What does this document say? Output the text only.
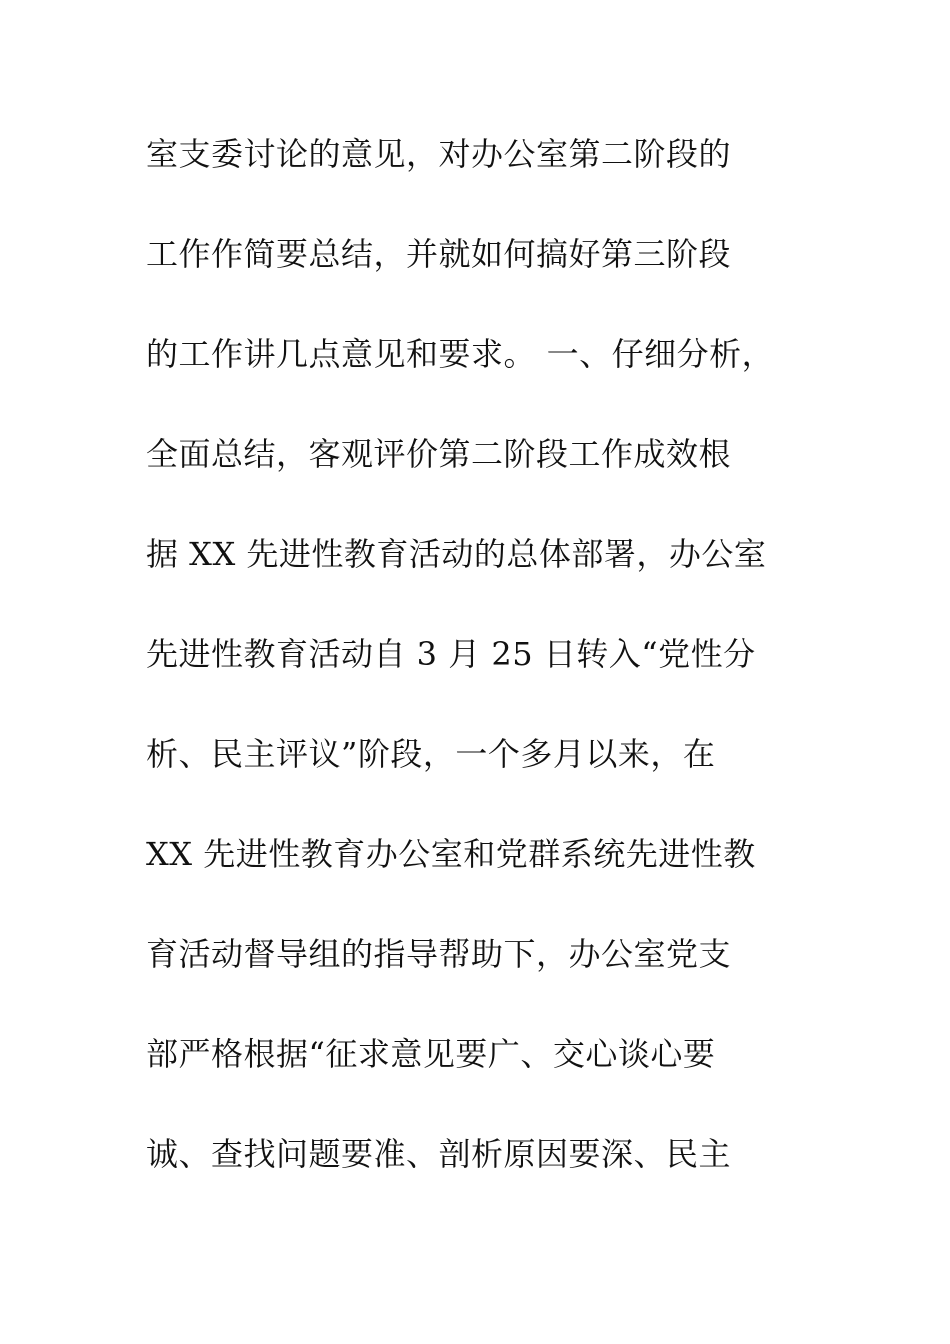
室支委讨论的意见，对办公室第二阶段的
工作作简要总结，并就如何搞好第三阶段
的工作讲几点意见和要求。 一、仔细分析，
全面总结，客观评价第二阶段工作成效根
据 XX 先进性教育活动的总体部署，办公室
先进性教育活动自 3 月 25 日转入“党性分
析、民主评议”阶段，一个多月以来，在
XX 先进性教育办公室和党群系统先进性教
育活动督导组的指导帮助下，办公室党支
部严格根据“征求意见要广、交心谈心要
诚、查找问题要准、剖析原因要深、民主
